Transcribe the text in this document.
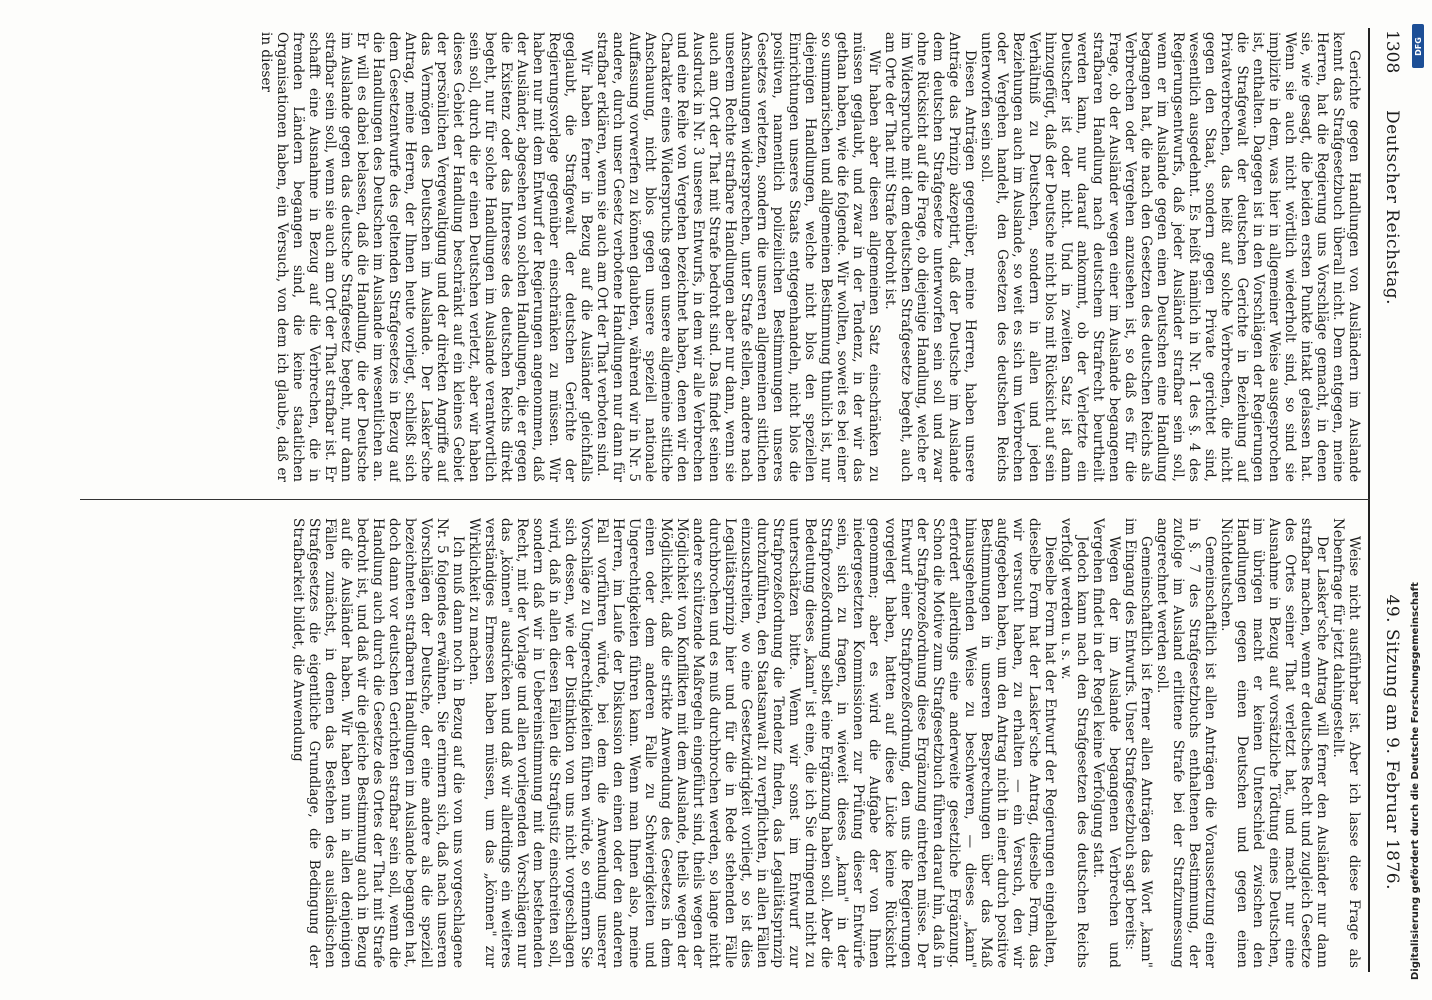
1308
Deutscher Reichstag.
49. Sitzung am 9. Februar 1876.

Gerichte gegen Handlungen von Ausländern im Auslande kennt das Strafgesetzbuch überall nicht. Dem entgegen, meine Herren, hat die Regierung uns Vorschläge gemacht, in denen sie, wie gesagt, die beiden ersten Punkte intakt gelassen hat. Wenn sie auch nicht wörtlich wiederholt sind, so sind sie implizite in dem, was hier in allgemeiner Weise ausgesprochen ist, enthalten. Dagegen ist in den Vorschlägen der Regierungen die Strafgewalt der deutschen Gerichte in Beziehung auf Privatverbrechen, das heißt auf solche Verbrechen, die nicht gegen den Staat, sondern gegen Private gerichtet sind, wesentlich ausgedehnt. Es heißt nämlich in Nr. 1 des §. 4 des Regierungsentwurfs, daß jeder Ausländer strafbar sein soll, wenn er im Auslande gegen einen Deutschen eine Handlung begangen hat, die nach den Gesetzen des deutschen Reichs als Verbrechen oder Vergehen anzusehen ist, so daß es für die Frage, ob der Ausländer wegen einer im Auslande begangenen strafbaren Handlung nach deutschem Strafrecht beurtheilt werden kann, nur darauf ankommt, ob der Verletzte ein Deutscher ist oder nicht. Und in zweiten Satz ist dann hinzugefügt, daß der Deutsche nicht blos mit Rücksicht auf sein Verhältniß zu Deutschen, sondern in allen und jeden Beziehungen auch im Auslande, so weit es sich um Verbrechen oder Vergehen handelt, den Gesetzen des deutschen Reichs unterworfen sein soll.

Diesen Anträgen gegenüber, meine Herren, haben unsere Anträge das Prinzip akzeptirt, daß der Deutsche im Auslande dem deutschen Strafgesetze unterworfen sein soll und zwar ohne Rücksicht auf die Frage, ob diejenige Handlung, welche er im Widerspruche mit dem deutschen Strafgesetze begeht, auch am Orte der That mit Strafe bedroht ist.

Wir haben aber diesen allgemeinen Satz einschränken zu müssen geglaubt, und zwar in der Tendenz, in der wir das gethan haben, wie die folgende. Wir wollten, soweit es bei einer so summarischen und allgemeinen Bestimmung thunlich ist, nur diejenigen Handlungen, welche nicht blos den speziellen Einrichtungen unseres Staats entgegenhandeln, nicht blos die positiven, namentlich polizeilichen Bestimmungen unseres Gesetzes verletzen, sondern die unseren allgemeinen sittlichen Anschauungen widersprechen, unter Strafe stellen, andere nach unserem Rechte strafbare Handlungen aber nur dann, wenn sie auch am Ort der That mit Strafe bedroht sind. Das findet seinen Ausdruck in Nr. 3 unseres Entwurfs, in dem wir alle Verbrechen und eine Reihe von Vergehen bezeichnet haben, denen wir den Charakter eines Widerspruchs gegen unsere allgemeine sittliche Anschauung, nicht blos gegen unsere speziell nationale Auffassung vorwerfen zu können glaubten, während wir in Nr. 5 andere, durch unser Gesetz verbotene Handlungen nur dann für strafbar erklären, wenn sie auch am Ort der That verboten sind.

Wir haben ferner in Bezug auf die Ausländer gleichfalls geglaubt, die Strafgewalt der deutschen Gerichte der Regierungsvorlage gegenüber einschränken zu müssen. Wir haben nur mit dem Entwurf der Regierungen angenommen, daß der Ausländer, abgesehen von solchen Handlungen, die er gegen die Existenz oder das Interesse des deutschen Reichs direkt begeht, nur für solche Handlungen im Auslande verantwortlich sein soll, durch die er einen Deutschen verletzt, aber wir haben dieses Gebiet der Handlung beschränkt auf ein kleines Gebiet der persönlichen Vergewaltigung und der direkten Angriffe auf das Vermögen des Deutschen im Auslande. Der Lasker'sche Antrag, meine Herren, der Ihnen heute vorliegt, schließt sich dem Gesetzentwurfe des geltenden Strafgesetzes in Bezug auf die Handlungen des Deutschen im Auslande im wesentlichen an. Er will es dabei belassen, daß die Handlung, die der Deutsche im Auslande gegen das deutsche Strafgesetz begeht, nur dann strafbar sein soll, wenn sie auch am Ort der That strafbar ist. Er schafft eine Ausnahme in Bezug auf die Verbrechen, die in fremden Ländern begangen sind, die keine staatlichen Organisationen haben, ein Versuch, von dem ich glaube, daß er in dieser

Weise nicht ausführbar ist. Aber ich lasse diese Frage als Nebenfrage für jetzt dahingestellt.

Der Lasker'sche Antrag will ferner den Ausländer nur dann strafbar machen, wenn er deutsches Recht und zugleich Gesetze des Ortes seiner That verletzt hat, und macht nur eine Ausnahme in Bezug auf vorsätzliche Tödtung eines Deutschen, im übrigen macht er keinen Unterschied zwischen den Handlungen gegen einen Deutschen und gegen einen Nichtdeutschen.

Gemeinschaftlich ist allen Anträgen die Voraussetzung einer in §. 7 des Strafgesetzbuchs enthaltenen Bestimmung, der zufolge im Ausland erlittene Strafe bei der Strafzumessung angerechnet werden soll.

Gemeinschaftlich ist ferner allen Anträgen das Wort „kann" im Eingang des Entwurfs. Unser Strafgesetzbuch sagt bereits:

Wegen der im Auslande begangenen Verbrechen und Vergehen findet in der Regel keine Verfolgung statt.

Jedoch kann nach den Strafgesetzen des deutschen Reichs verfolgt werden u. s. w.

Dieselbe Form hat der Entwurf der Regierungen eingehalten, dieselbe Form hat der Lasker'sche Antrag, dieselbe Form, das wir versucht haben, zu erhalten — ein Versuch, den wir aufgegeben haben, um den Antrag nicht in einer durch positive Bestimmungen in unseren Besprechungen über das Maß hinausgehenden Weise zu beschweren, — dieses „kann" erfordert allerdings eine anderweite gesetzliche Ergänzung. Schon die Motive zum Strafgesetzbuch führen darauf hin, daß in der Strafprozeßordnung diese Ergänzung eintreten müsse. Der Entwurf einer Strafprozeßordnung, den uns die Regierungen vorgelegt haben, hatten auf diese Lücke keine Rücksicht genommen; aber es wird die Aufgabe der von Ihnen niedergesetzten Kommissionen zur Prüfung dieser Entwürfe sein, sich zu fragen, in wieweit dieses „kann" in der Strafprozeßordnung selbst eine Ergänzung haben soll. Aber die Bedeutung dieses „kann" ist eine, die ich Sie dringend nicht zu unterschätzen bitte. Wenn wir sonst im Entwurf zur Strafprozeßordnung die Tendenz finden, das Legalitätsprinzip durchzuführen, den Staatsanwalt zu verpflichten, in allen Fällen einzuschreiten, wo eine Gesetzwidrigkeit vorliegt, so ist dies Legalitätsprinzip hier und für die in Rede stehenden Fälle durchbrochen und es muß durchbrochen werden, so lange nicht andere schützende Maßregeln eingeführt sind, theils wegen der Möglichkeit von Konflikten mit dem Auslande, theils wegen der Möglichkeit, daß die strikte Anwendung des Gesetzes in dem einen oder dem anderen Falle zu Schwierigkeiten und Ungerechtigkeiten führen kann. Wenn man Ihnen also, meine Herren, im Laufe der Diskussion den einen oder den anderen Fall vorführen würde, bei dem die Anwendung unserer Vorschläge zu Ungerechtigkeiten führen würde, so erinnern Sie sich dessen, wie der Distinktion von uns nicht vorgeschlagen wird, daß in allen diesen Fällen die Strafjustiz einschreiten soll, sondern daß wir in Uebereinstimmung mit dem bestehenden Recht, mit der Vorlage und allen vorliegenden Vorschlägen nur das „können" ausdrücken und daß wir allerdings ein weiteres verständiges Ermessen haben müssen, um das „können" zur Wirklichkeit zu machen.

Ich muß dann noch in Bezug auf die von uns vorgeschlagene Nr. 5 folgendes erwähnen. Sie erinnern sich, daß nach unseren Vorschlägen der Deutsche, der eine andere als die speziell bezeichneten strafbaren Handlungen im Auslande begangen hat, doch dann vor deutschen Gerichten strafbar sein soll, wenn die Handlung auch durch die Gesetze des Ortes der That mit Strafe bedroht ist, und daß wir die gleiche Bestimmung auch in Bezug auf die Ausländer haben. Wir haben nun in allen denjenigen Fällen zunächst, in denen das Bestehen des ausländischen Strafgesetzes die eigentliche Grundlage, die Bedingung der Strafbarkeit bildet, die Anwendung

DFG
Digitalisierung gefördert durch die Deutsche Forschungsgemeinschaft
